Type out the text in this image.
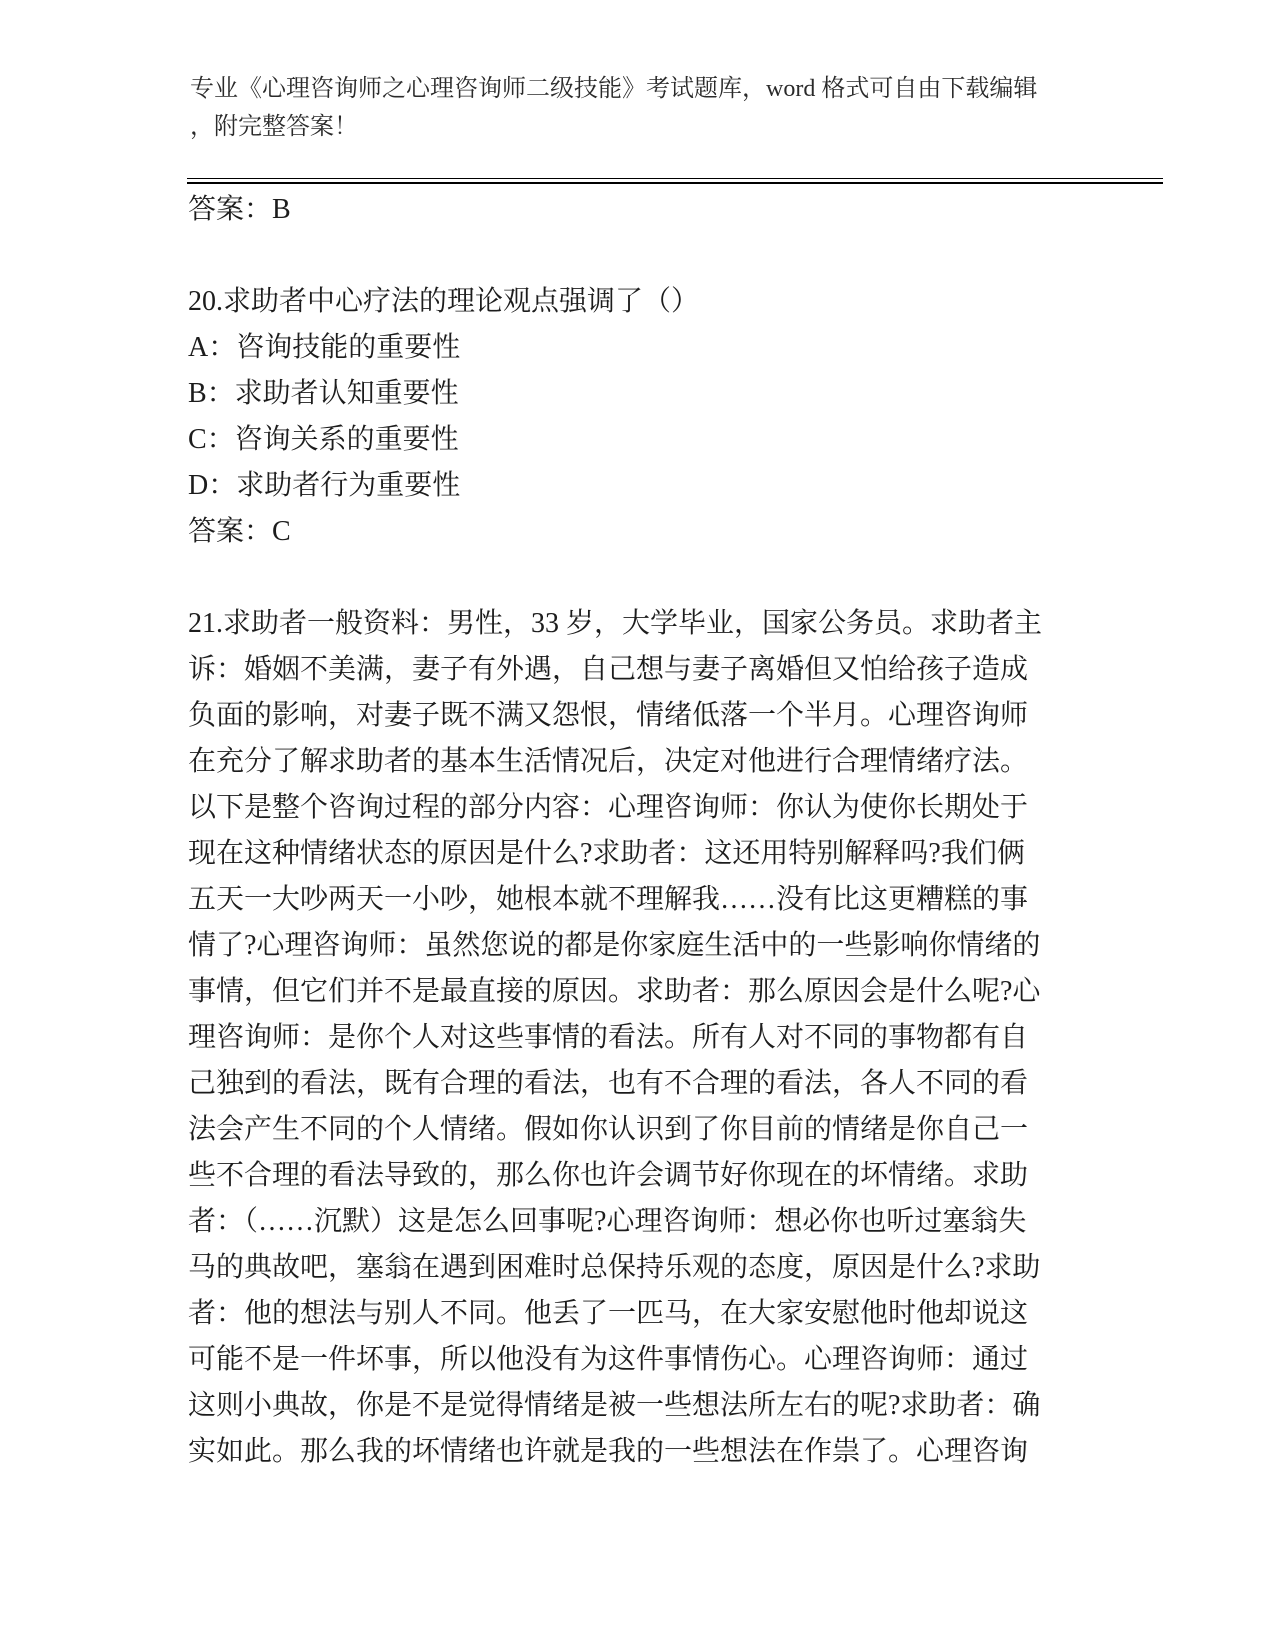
专业《心理咨询师之心理咨询师二级技能》考试题库，word 格式可自由下载编辑
，附完整答案！
答案：B
20.求助者中心疗法的理论观点强调了（）
A：咨询技能的重要性
B：求助者认知重要性
C：咨询关系的重要性
D：求助者行为重要性
答案：C
21.求助者一般资料：男性，33 岁，大学毕业，国家公务员。求助者主
诉：婚姻不美满，妻子有外遇，自己想与妻子离婚但又怕给孩子造成
负面的影响，对妻子既不满又怨恨，情绪低落一个半月。心理咨询师
在充分了解求助者的基本生活情况后，决定对他进行合理情绪疗法。
以下是整个咨询过程的部分内容：心理咨询师：你认为使你长期处于
现在这种情绪状态的原因是什么?求助者：这还用特别解释吗?我们俩
五天一大吵两天一小吵，她根本就不理解我……没有比这更糟糕的事
情了?心理咨询师：虽然您说的都是你家庭生活中的一些影响你情绪的
事情，但它们并不是最直接的原因。求助者：那么原因会是什么呢?心
理咨询师：是你个人对这些事情的看法。所有人对不同的事物都有自
己独到的看法，既有合理的看法，也有不合理的看法，各人不同的看
法会产生不同的个人情绪。假如你认识到了你目前的情绪是你自己一
些不合理的看法导致的，那么你也许会调节好你现在的坏情绪。求助
者：（……沉默）这是怎么回事呢?心理咨询师：想必你也听过塞翁失
马的典故吧，塞翁在遇到困难时总保持乐观的态度，原因是什么?求助
者：他的想法与别人不同。他丢了一匹马，在大家安慰他时他却说这
可能不是一件坏事，所以他没有为这件事情伤心。心理咨询师：通过
这则小典故，你是不是觉得情绪是被一些想法所左右的呢?求助者：确
实如此。那么我的坏情绪也许就是我的一些想法在作祟了。心理咨询
